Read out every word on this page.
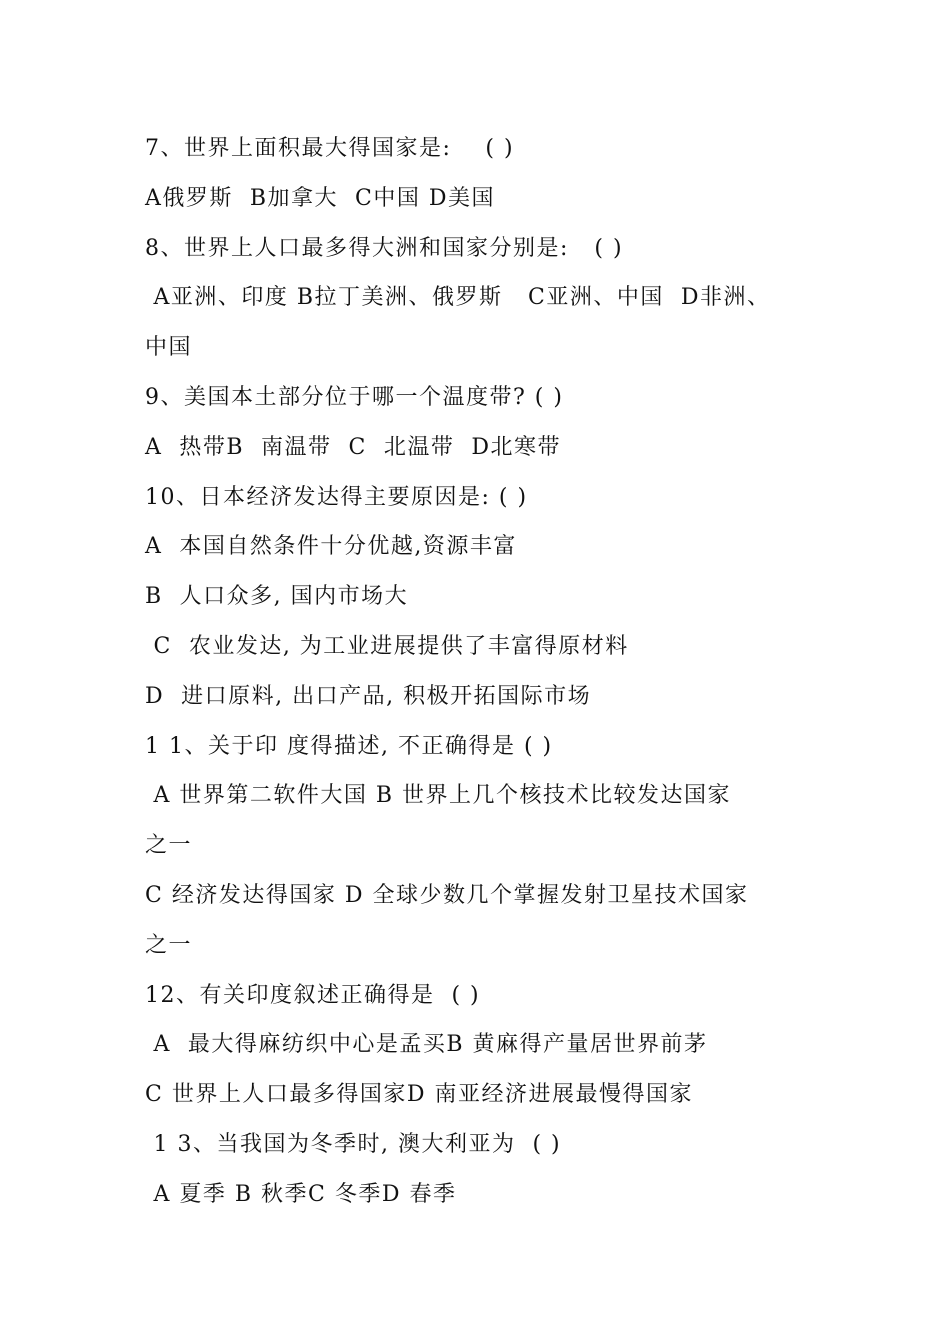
7、世界上面积最大得国家是:    ( )
A俄罗斯  B加拿大  C中国 D美国
8、世界上人口最多得大洲和国家分别是:   ( )
A亚洲、印度 B拉丁美洲、俄罗斯   C亚洲、中国  D非洲、
中国
9、美国本土部分位于哪一个温度带? ( )
A  热带B  南温带  C  北温带  D北寒带
10、日本经济发达得主要原因是: ( )
A  本国自然条件十分优越,资源丰富
B  人口众多, 国内市场大
C  农业发达, 为工业进展提供了丰富得原材料
D  进口原料, 出口产品, 积极开拓国际市场
1 1、关于印 度得描述, 不正确得是 ( )
A 世界第二软件大国 B 世界上几个核技术比较发达国家
之一
C 经济发达得国家 D 全球少数几个掌握发射卫星技术国家
之一
12、有关印度叙述正确得是  ( )
A  最大得麻纺织中心是孟买B 黄麻得产量居世界前茅
C 世界上人口最多得国家D 南亚经济进展最慢得国家
1 3、当我国为冬季时, 澳大利亚为  ( )
A 夏季 B 秋季C 冬季D 春季
